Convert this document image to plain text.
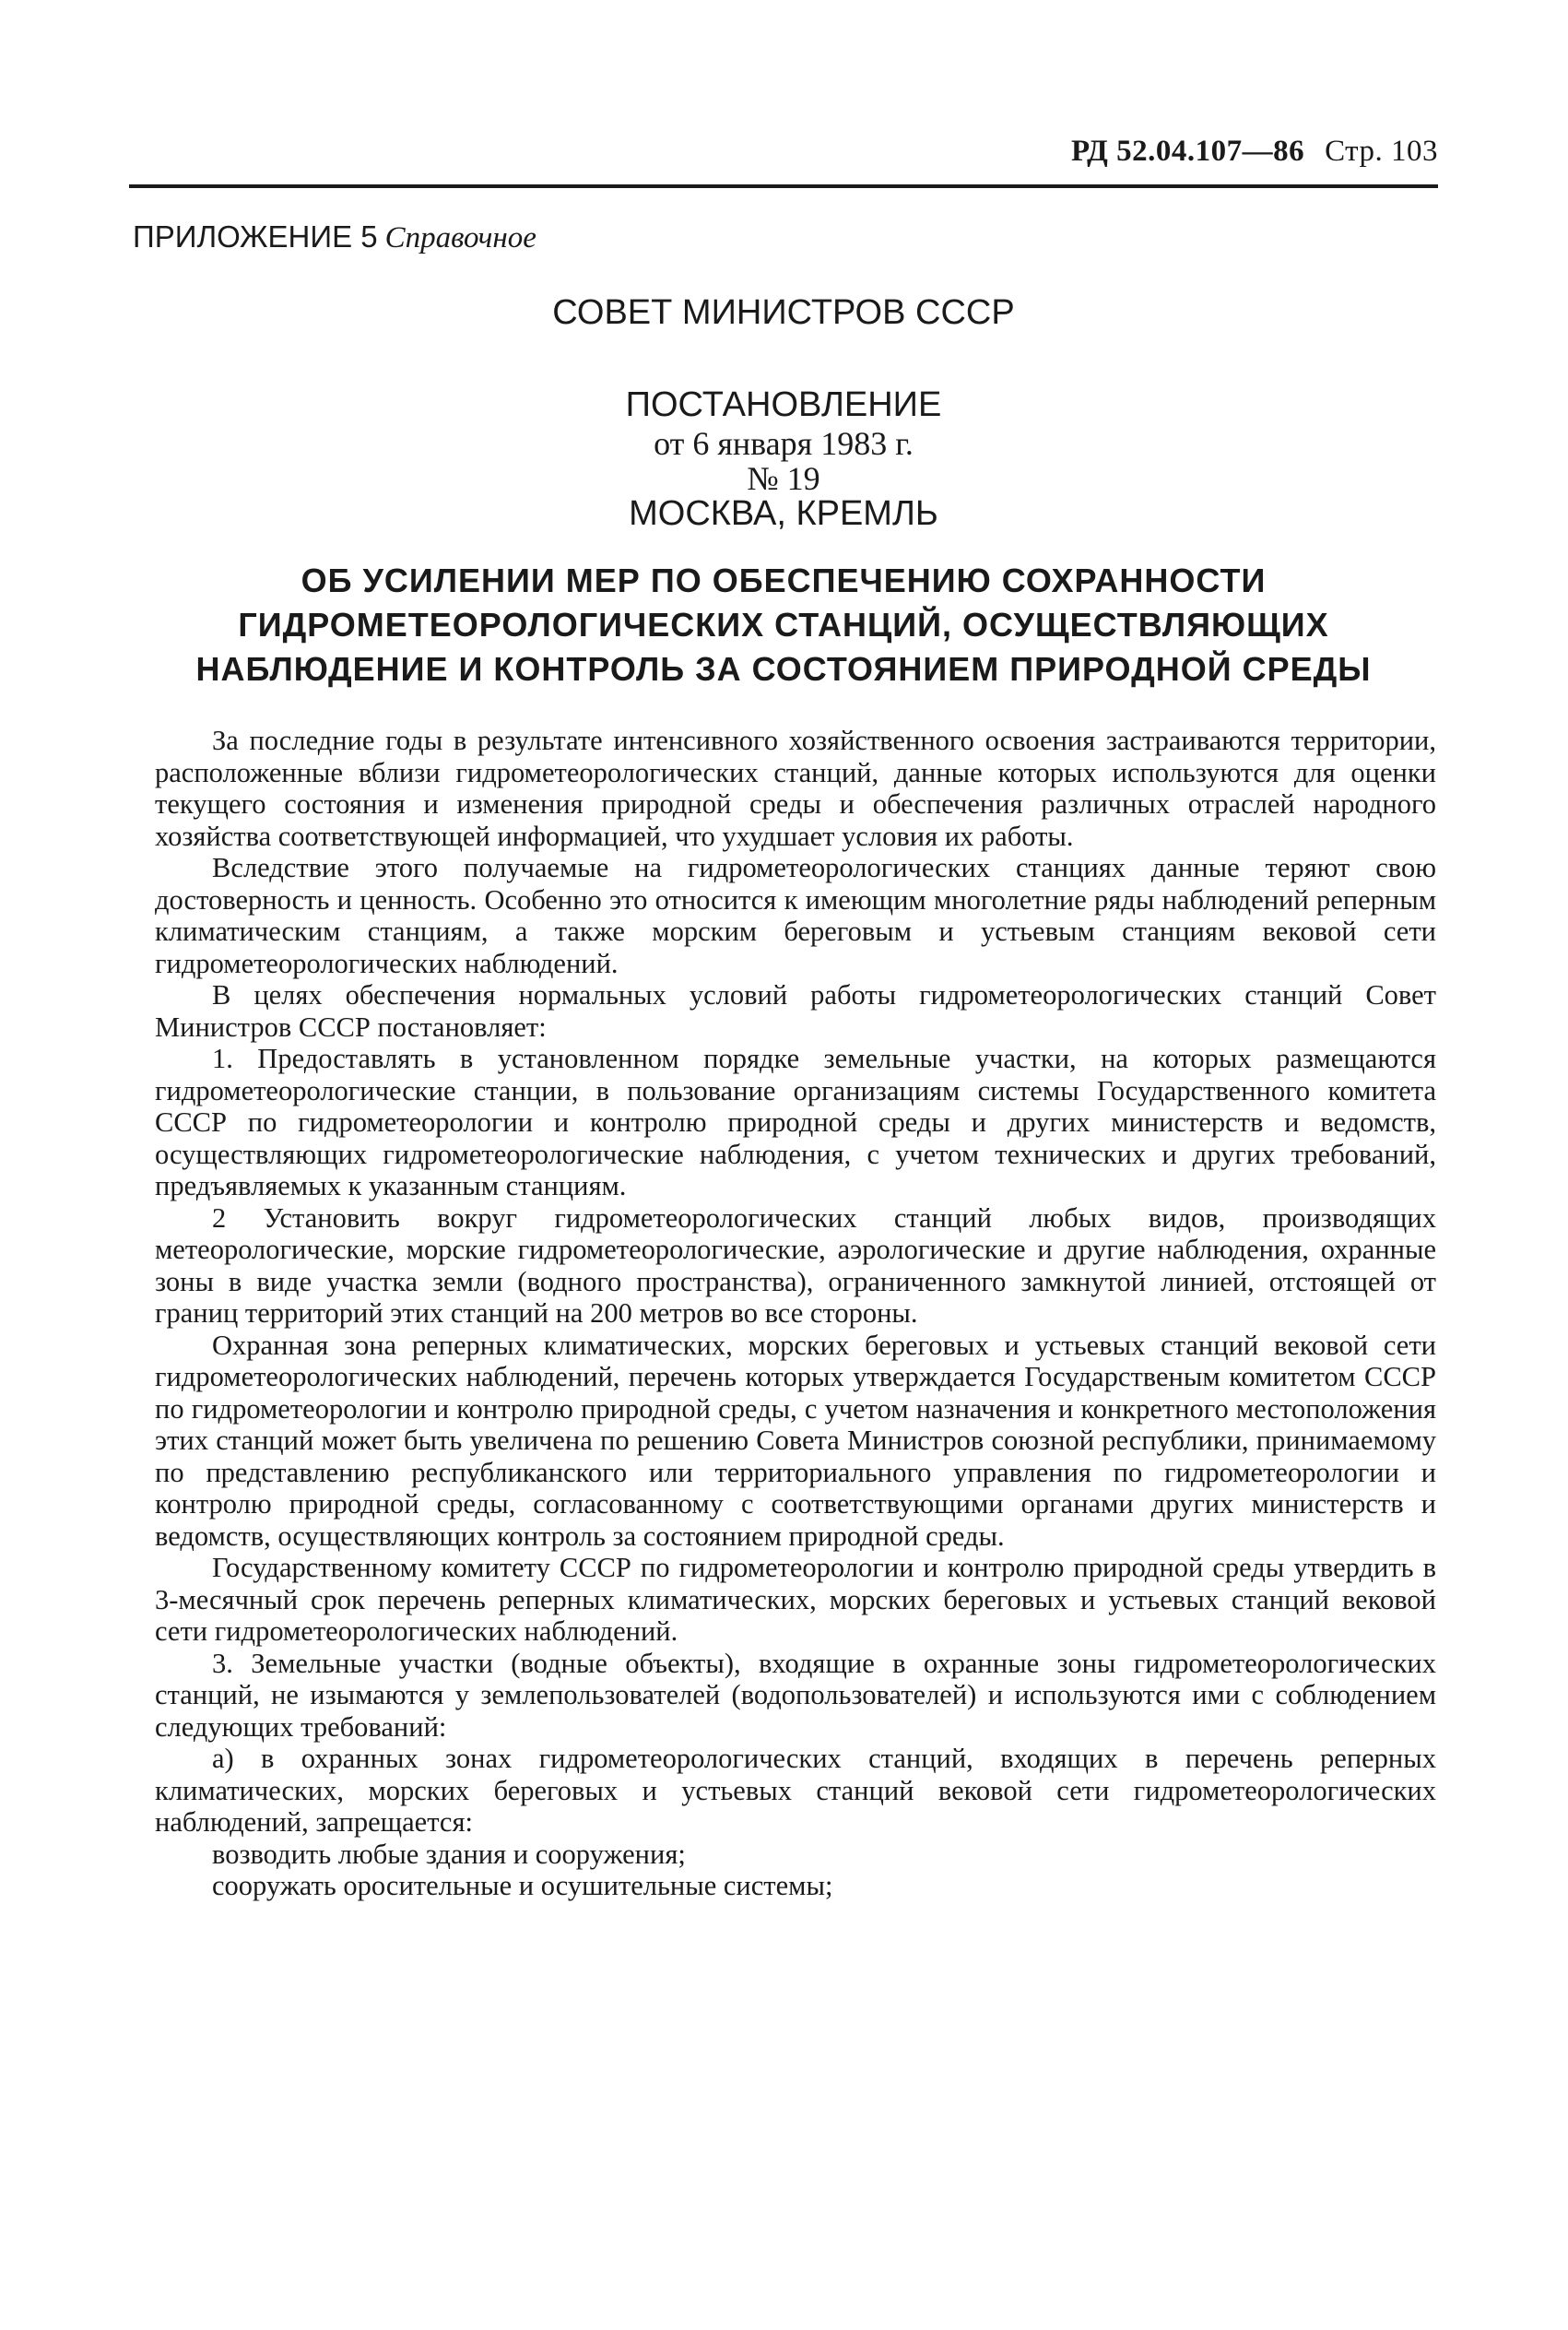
РД 52.04.107—86 Стр. 103
ПРИЛОЖЕНИЕ 5 Справочное
СОВЕТ МИНИСТРОВ СССР
ПОСТАНОВЛЕНИЕ
от 6 января 1983 г.
№ 19
МОСКВА, КРЕМЛЬ
ОБ УСИЛЕНИИ МЕР ПО ОБЕСПЕЧЕНИЮ СОХРАННОСТИ
ГИДРОМЕТЕОРОЛОГИЧЕСКИХ СТАНЦИЙ, ОСУЩЕСТВЛЯЮЩИХ
НАБЛЮДЕНИЕ И КОНТРОЛЬ ЗА СОСТОЯНИЕМ ПРИРОДНОЙ СРЕДЫ

За последние годы в результате интенсивного хозяйственного освоения застраиваются территории, расположенные вблизи гидрометеорологических станций, данные которых используются для оценки текущего состояния и изменения природной среды и обеспечения различных отраслей народного хозяйства соответствующей информацией, что ухудшает условия их работы.

Вследствие этого получаемые на гидрометеорологических станциях данные теряют свою достоверность и ценность. Особенно это относится к имеющим многолетние ряды наблюдений реперным климатическим станциям, а также морским береговым и устьевым станциям вековой сети гидрометеорологических наблюдений.

В целях обеспечения нормальных условий работы гидрометеорологических станций Совет Министров СССР постановляет:

1. Предоставлять в установленном порядке земельные участки, на которых размещаются гидрометеорологические станции, в пользование организациям системы Государственного комитета СССР по гидрометеорологии и контролю природной среды и других министерств и ведомств, осуществляющих гидрометеорологические наблюдения, с учетом технических и других требований, предъявляемых к указанным станциям.

2 Установить вокруг гидрометеорологических станций любых видов, производящих метеорологические, морские гидрометеорологические, аэрологические и другие наблюдения, охранные зоны в виде участка земли (водного пространства), ограниченного замкнутой линией, отстоящей от границ территорий этих станций на 200 метров во все стороны.

Охранная зона реперных климатических, морских береговых и устьевых станций вековой сети гидрометеорологических наблюдений, перечень которых утверждается Государственым комитетом СССР по гидрометеорологии и контролю природной среды, с учетом назначения и конкретного местоположения этих станций может быть увеличена по решению Совета Министров союзной республики, принимаемому по представлению республиканского или территориального управления по гидрометеорологии и контролю природной среды, согласованному с соответствующими органами других министерств и ведомств, осуществляющих контроль за состоянием природной среды.

Государственному комитету СССР по гидрометеорологии и контролю природной среды утвердить в 3-месячный срок перечень реперных климатических, морских береговых и устьевых станций вековой сети гидрометеорологических наблюдений.

3. Земельные участки (водные объекты), входящие в охранные зоны гидрометеорологических станций, не изымаются у землепользователей (водопользователей) и используются ими с соблюдением следующих требований:

а) в охранных зонах гидрометеорологических станций, входящих в перечень реперных климатических, морских береговых и устьевых станций вековой сети гидрометеорологических наблюдений, запрещается:

возводить любые здания и сооружения;

сооружать оросительные и осушительные системы;
